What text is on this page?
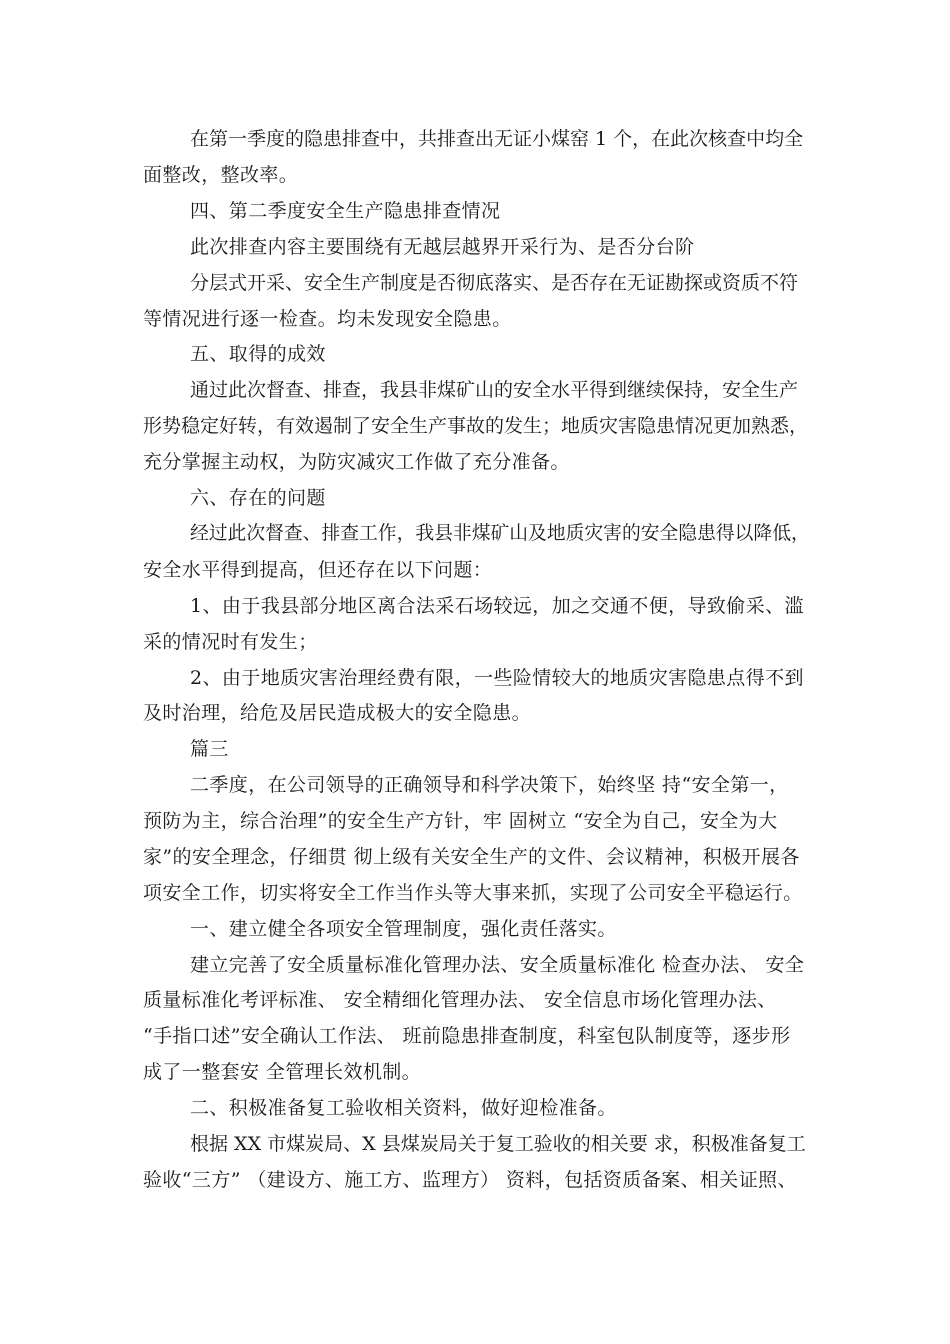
在第一季度的隐患排查中，共排查出无证小煤窑 1 个，在此次核查中均全
面整改，整改率。
四、第二季度安全生产隐患排查情况
此次排查内容主要围绕有无越层越界开采行为、是否分台阶
分层式开采、安全生产制度是否彻底落实、是否存在无证勘探或资质不符
等情况进行逐一检查。均未发现安全隐患。
五、取得的成效
通过此次督查、排查，我县非煤矿山的安全水平得到继续保持，安全生产
形势稳定好转，有效遏制了安全生产事故的发生；地质灾害隐患情况更加熟悉，
充分掌握主动权，为防灾减灾工作做了充分准备。
六、存在的问题
经过此次督查、排查工作，我县非煤矿山及地质灾害的安全隐患得以降低，
安全水平得到提高，但还存在以下问题：
1、由于我县部分地区离合法采石场较远，加之交通不便，导致偷采、滥
采的情况时有发生；
2、由于地质灾害治理经费有限，一些险情较大的地质灾害隐患点得不到
及时治理，给危及居民造成极大的安全隐患。
篇三
二季度，在公司领导的正确领导和科学决策下，始终坚 持“安全第一，
预防为主，综合治理”的安全生产方针，牢 固树立 “安全为自己，安全为大
家”的安全理念，仔细贯 彻上级有关安全生产的文件、会议精神，积极开展各
项安全工作，切实将安全工作当作头等大事来抓，实现了公司安全平稳运行。
一、建立健全各项安全管理制度，强化责任落实。
建立完善了安全质量标准化管理办法、安全质量标准化 检查办法、 安全
质量标准化考评标准、 安全精细化管理办法、 安全信息市场化管理办法、
“手指口述”安全确认工作法、 班前隐患排查制度，科室包队制度等，逐步形
成了一整套安 全管理长效机制。
二、积极准备复工验收相关资料，做好迎检准备。
根据 XX 市煤炭局、X 县煤炭局关于复工验收的相关要 求，积极准备复工
验收“三方” （建设方、施工方、监理方） 资料，包括资质备案、相关证照、
